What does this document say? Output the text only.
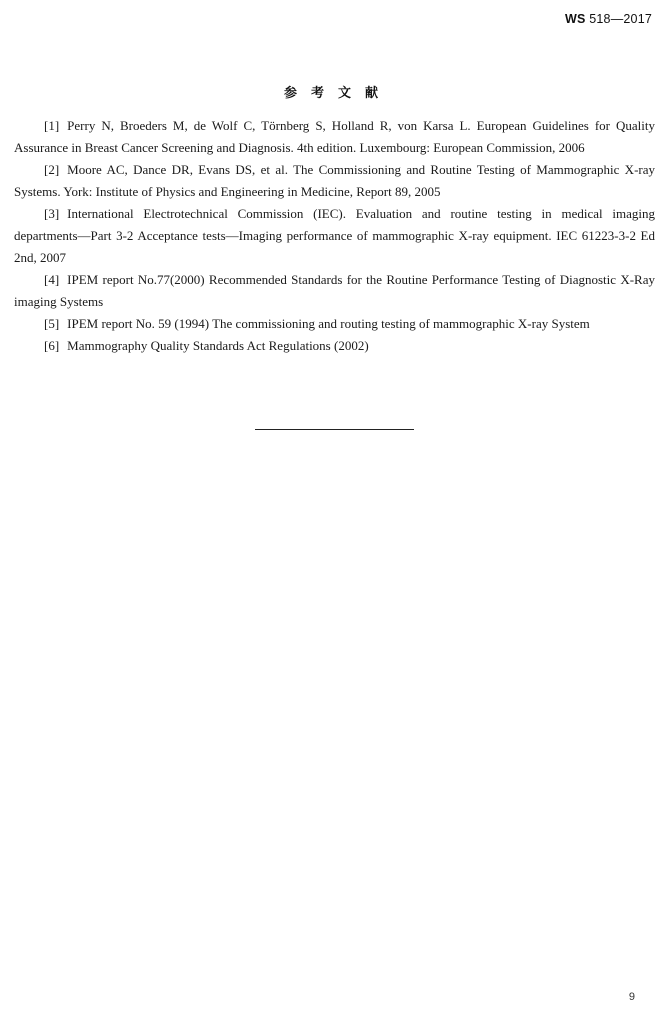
WS 518—2017
参考文献

[1] Perry N, Broeders M, de Wolf C, Törnberg S, Holland R, von Karsa L. European Guidelines for Quality Assurance in Breast Cancer Screening and Diagnosis. 4th edition. Luxembourg: European Commission, 2006

[2] Moore AC, Dance DR, Evans DS, et al. The Commissioning and Routine Testing of Mammographic X-ray Systems. York: Institute of Physics and Engineering in Medicine, Report 89, 2005

[3] International Electrotechnical Commission (IEC). Evaluation and routine testing in medical imaging departments—Part 3-2 Acceptance tests—Imaging performance of mammographic X-ray equipment. IEC 61223-3-2 Ed 2nd, 2007

[4] IPEM report No.77(2000) Recommended Standards for the Routine Performance Testing of Diagnostic X-Ray imaging Systems

[5] IPEM report No. 59 (1994) The commissioning and routing testing of mammographic X-ray System

[6] Mammography Quality Standards Act Regulations (2002)

9
